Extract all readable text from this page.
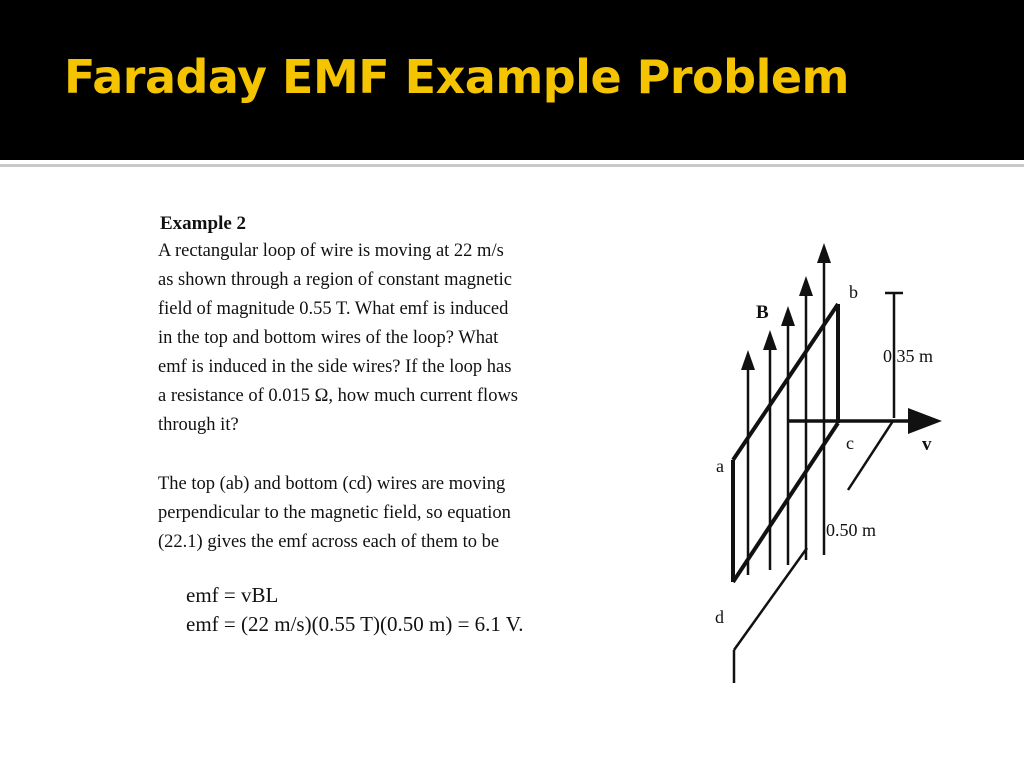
Faraday EMF Example Problem
Example 2
A rectangular loop of wire is moving at 22 m/s
as shown through a region of constant magnetic
field of magnitude 0.55 T. What emf is induced
in the top and bottom wires of the loop? What
emf is induced in the side wires? If the loop has
a resistance of 0.015 Ω, how much current flows
through it?
The top (ab) and bottom (cd) wires are moving
perpendicular to the magnetic field, so equation
(22.1) gives the emf across each of them to be
emf = vBL
emf = (22 m/s)(0.55 T)(0.50 m) = 6.1 V.
B
b
0.35 m
c	v
a
0.50 m
d
